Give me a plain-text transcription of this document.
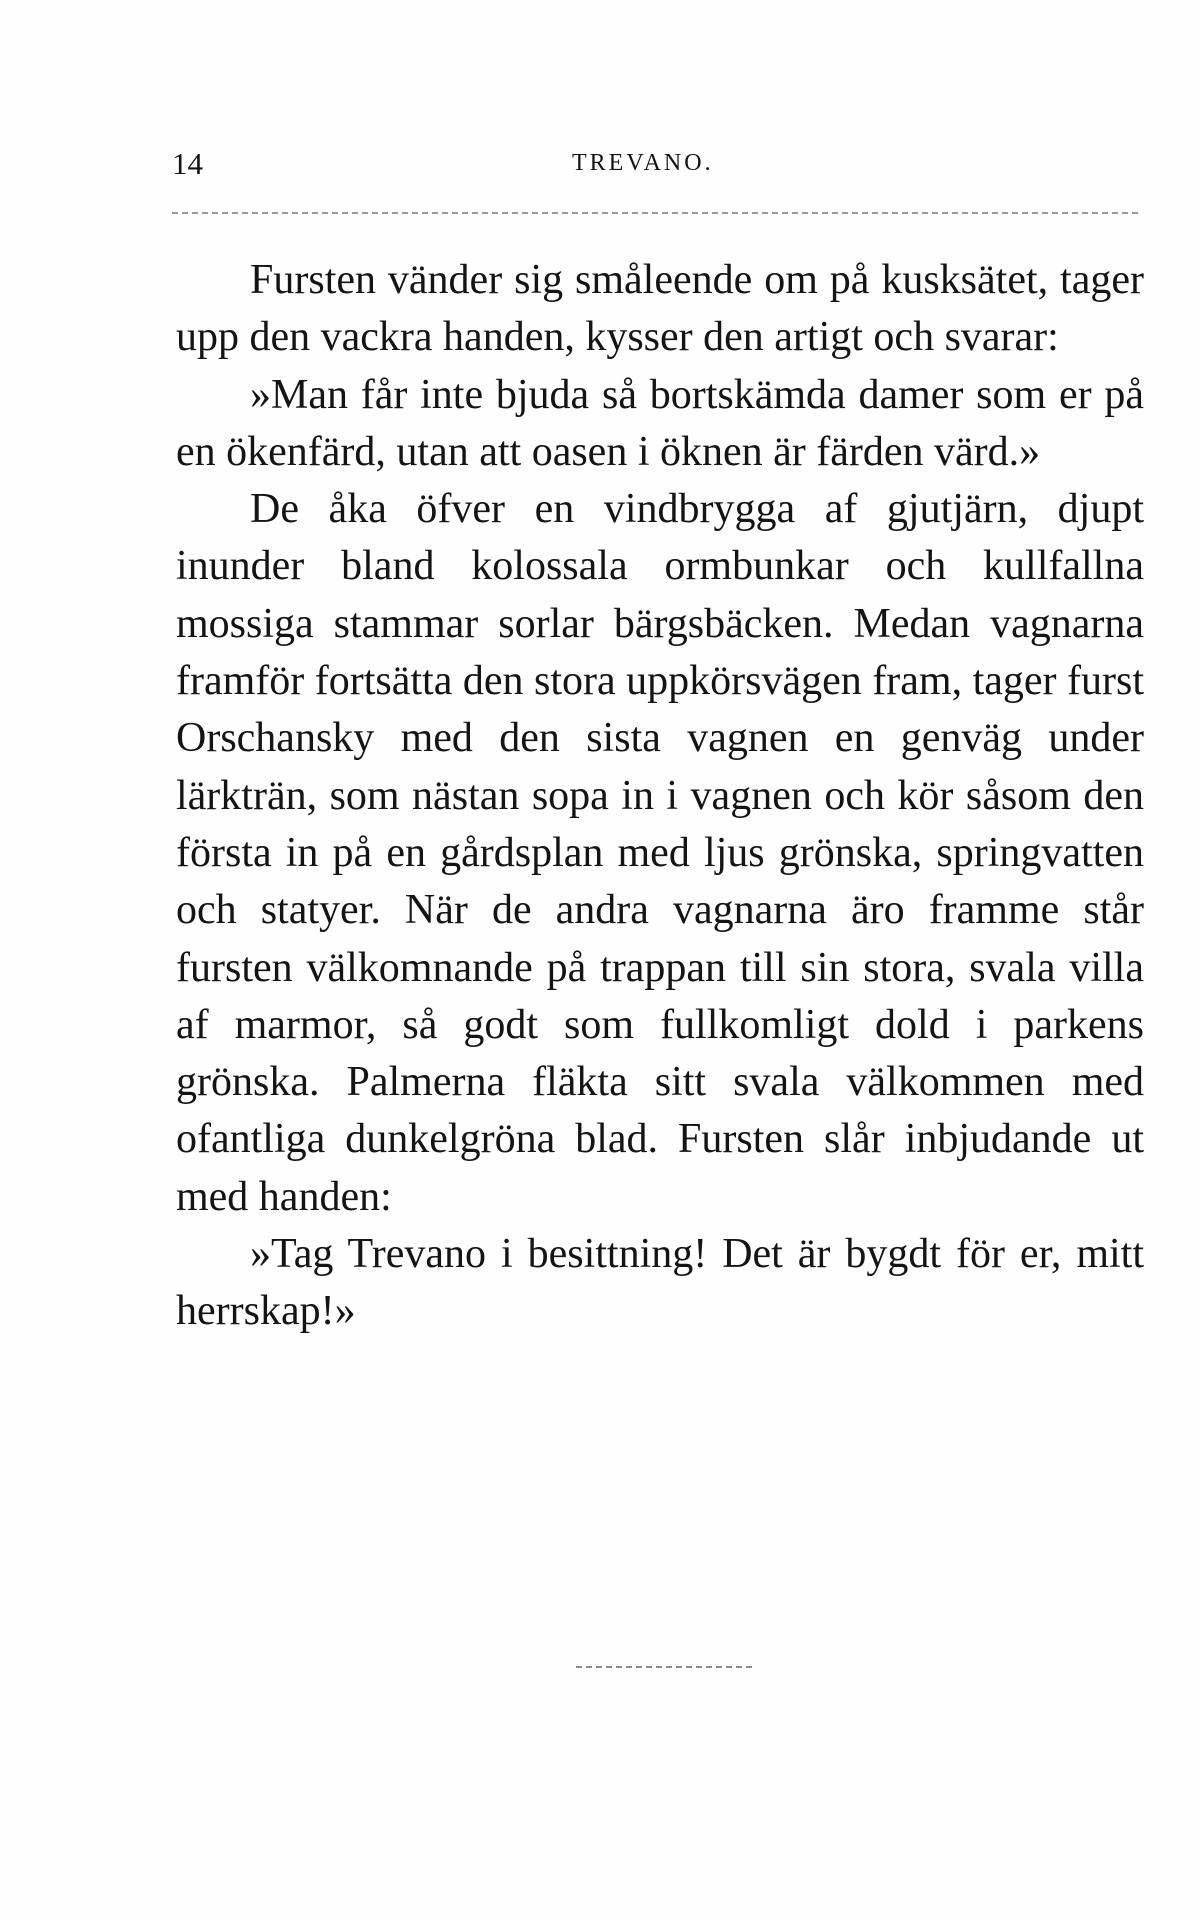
14	TREVANO.

Fursten vänder sig småleende om på kusksätet, tager upp den vackra handen, kysser den artigt och svarar:

»Man får inte bjuda så bortskämda damer som er på en ökenfärd, utan att oasen i öknen är färden värd.»

De åka öfver en vindbrygga af gjutjärn, djupt inunder bland kolossala ormbunkar och kullfallna mossiga stammar sorlar bärgsbäcken. Medan vagnarna framför fortsätta den stora uppkörsvägen fram, tager furst Orschansky med den sista vagnen en genväg under lärkträn, som nästan sopa in i vagnen och kör såsom den första in på en gårdsplan med ljus grönska, springvatten och statyer. När de andra vagnarna äro framme står fursten välkomnande på trappan till sin stora, svala villa af marmor, så godt som fullkomligt dold i parkens grönska. Palmerna fläkta sitt svala välkommen med ofantliga dunkelgröna blad. Fursten slår inbjudande ut med handen:

»Tag Trevano i besittning! Det är bygdt för er, mitt herrskap!»
